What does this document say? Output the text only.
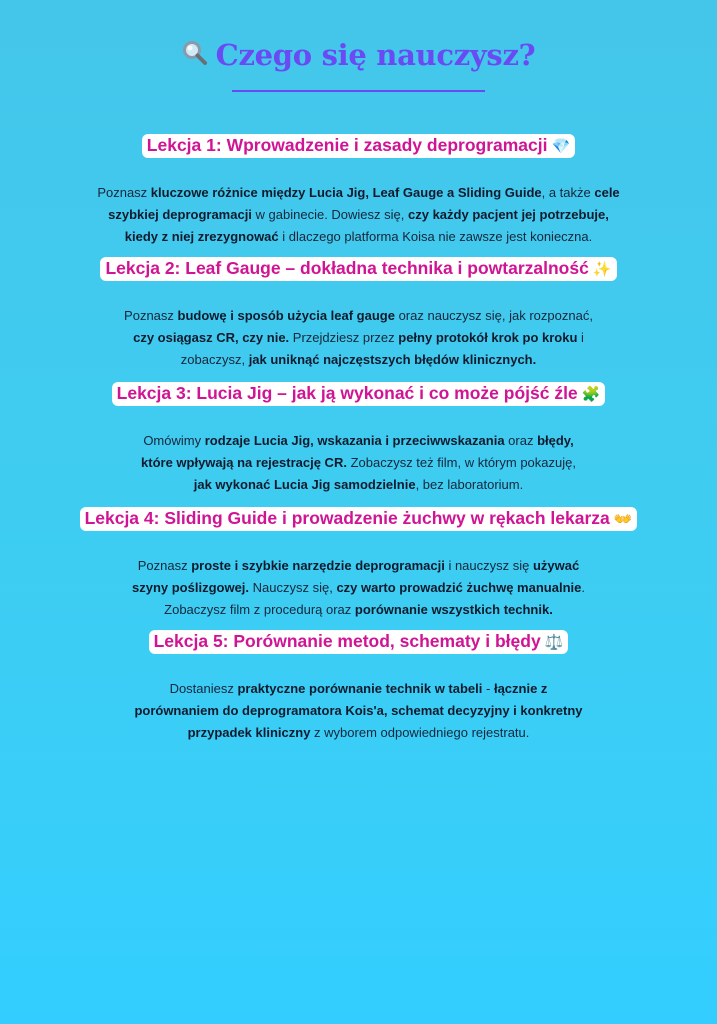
Czego się nauczysz?
Lekcja 1: Wprowadzenie i zasady deprogramacji 💎
Poznasz kluczowe różnice między Lucia Jig, Leaf Gauge a Sliding Guide, a także cele
szybkiej deprogramacji w gabinecie. Dowiesz się, czy każdy pacjent jej potrzebuje,
kiedy z niej zrezygnować i dlaczego platforma Koisa nie zawsze jest konieczna.
Lekcja 2: Leaf Gauge – dokładna technika i powtarzalność ✨
Poznasz budowę i sposób użycia leaf gauge oraz nauczysz się, jak rozpoznać,
czy osiągasz CR, czy nie. Przejdziesz przez pełny protokół krok po kroku i
zobaczysz, jak uniknąć najczęstszych błędów klinicznych.
Lekcja 3: Lucia Jig – jak ją wykonać i co może pójść źle 🧩
Omówimy rodzaje Lucia Jig, wskazania i przeciwwskazania oraz błędy,
które wpływają na rejestrację CR. Zobaczysz też film, w którym pokazuję,
jak wykonać Lucia Jig samodzielnie, bez laboratorium.
Lekcja 4: Sliding Guide i prowadzenie żuchwy w rękach lekarza 👐
Poznasz proste i szybkie narzędzie deprogramacji i nauczysz się używać
szyny poślizgowej. Nauczysz się, czy warto prowadzić żuchwę manualnie.
Zobaczysz film z procedurą oraz porównanie wszystkich technik.
Lekcja 5: Porównanie metod, schematy i błędy ⚖️
Dostaniesz praktyczne porównanie technik w tabeli - łącznie z
porównaniem do deprogramatora Kois'a, schemat decyzyjny i konkretny
przypadek kliniczny z wyborem odpowiedniego rejestratu.
